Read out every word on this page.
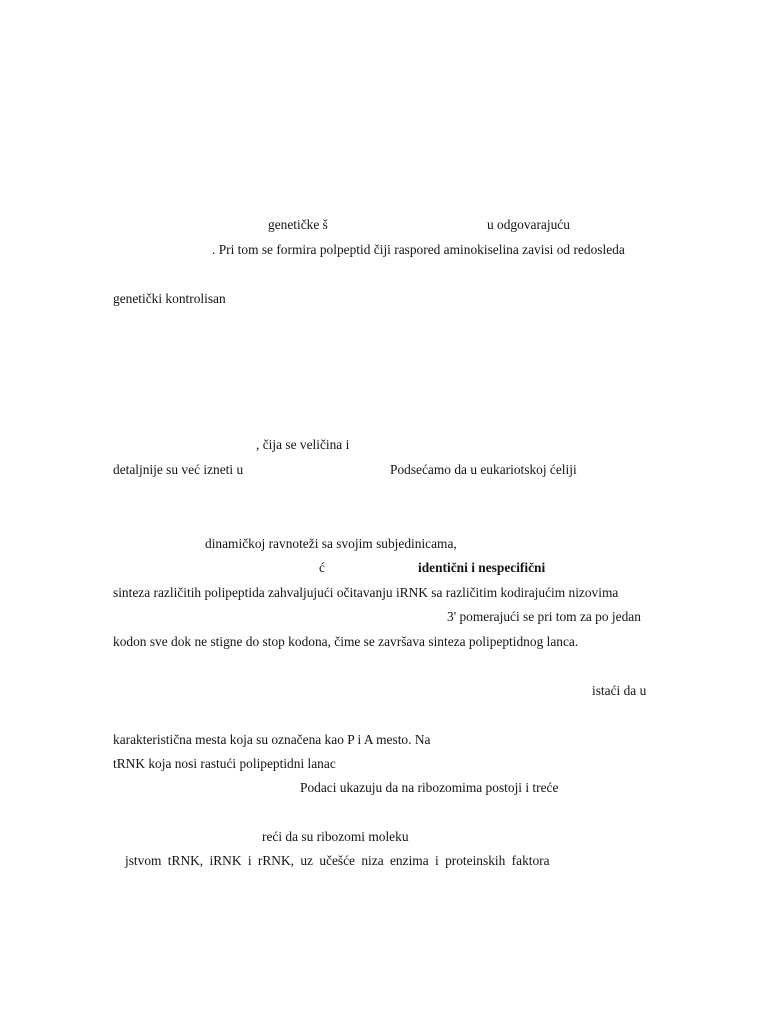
genetičke š	u odgovarajuću
. Pri tom se formira polpeptid čiji raspored aminokiselina zavisi od redosleda
genetički kontrolisan
, čija se veličina i
detaljnije su već izneti u	Podsećamo da u eukariotskoj ćeliji
dinamičkoj ravnoteži sa svojim subjedinicama,
ć	identični i nespecifični
sinteza različitih polipeptida zahvaljujući očitavanju iRNK sa različitim kodirajućim nizovima
3' pomerajući se pri tom za po jedan
kodon sve dok ne stigne do stop kodona, čime se završava sinteza polipeptidnog lanca.
istaći da u
karakteristična mesta koja su označena kao P i A mesto. Na
tRNK koja nosi rastući polipeptidni lanac
Podaci ukazuju da na ribozomima postoji i treće
reći da su ribozomi moleku
jstvom tRNK, iRNK i rRNK, uz učešće niza enzima i proteinskih faktora
